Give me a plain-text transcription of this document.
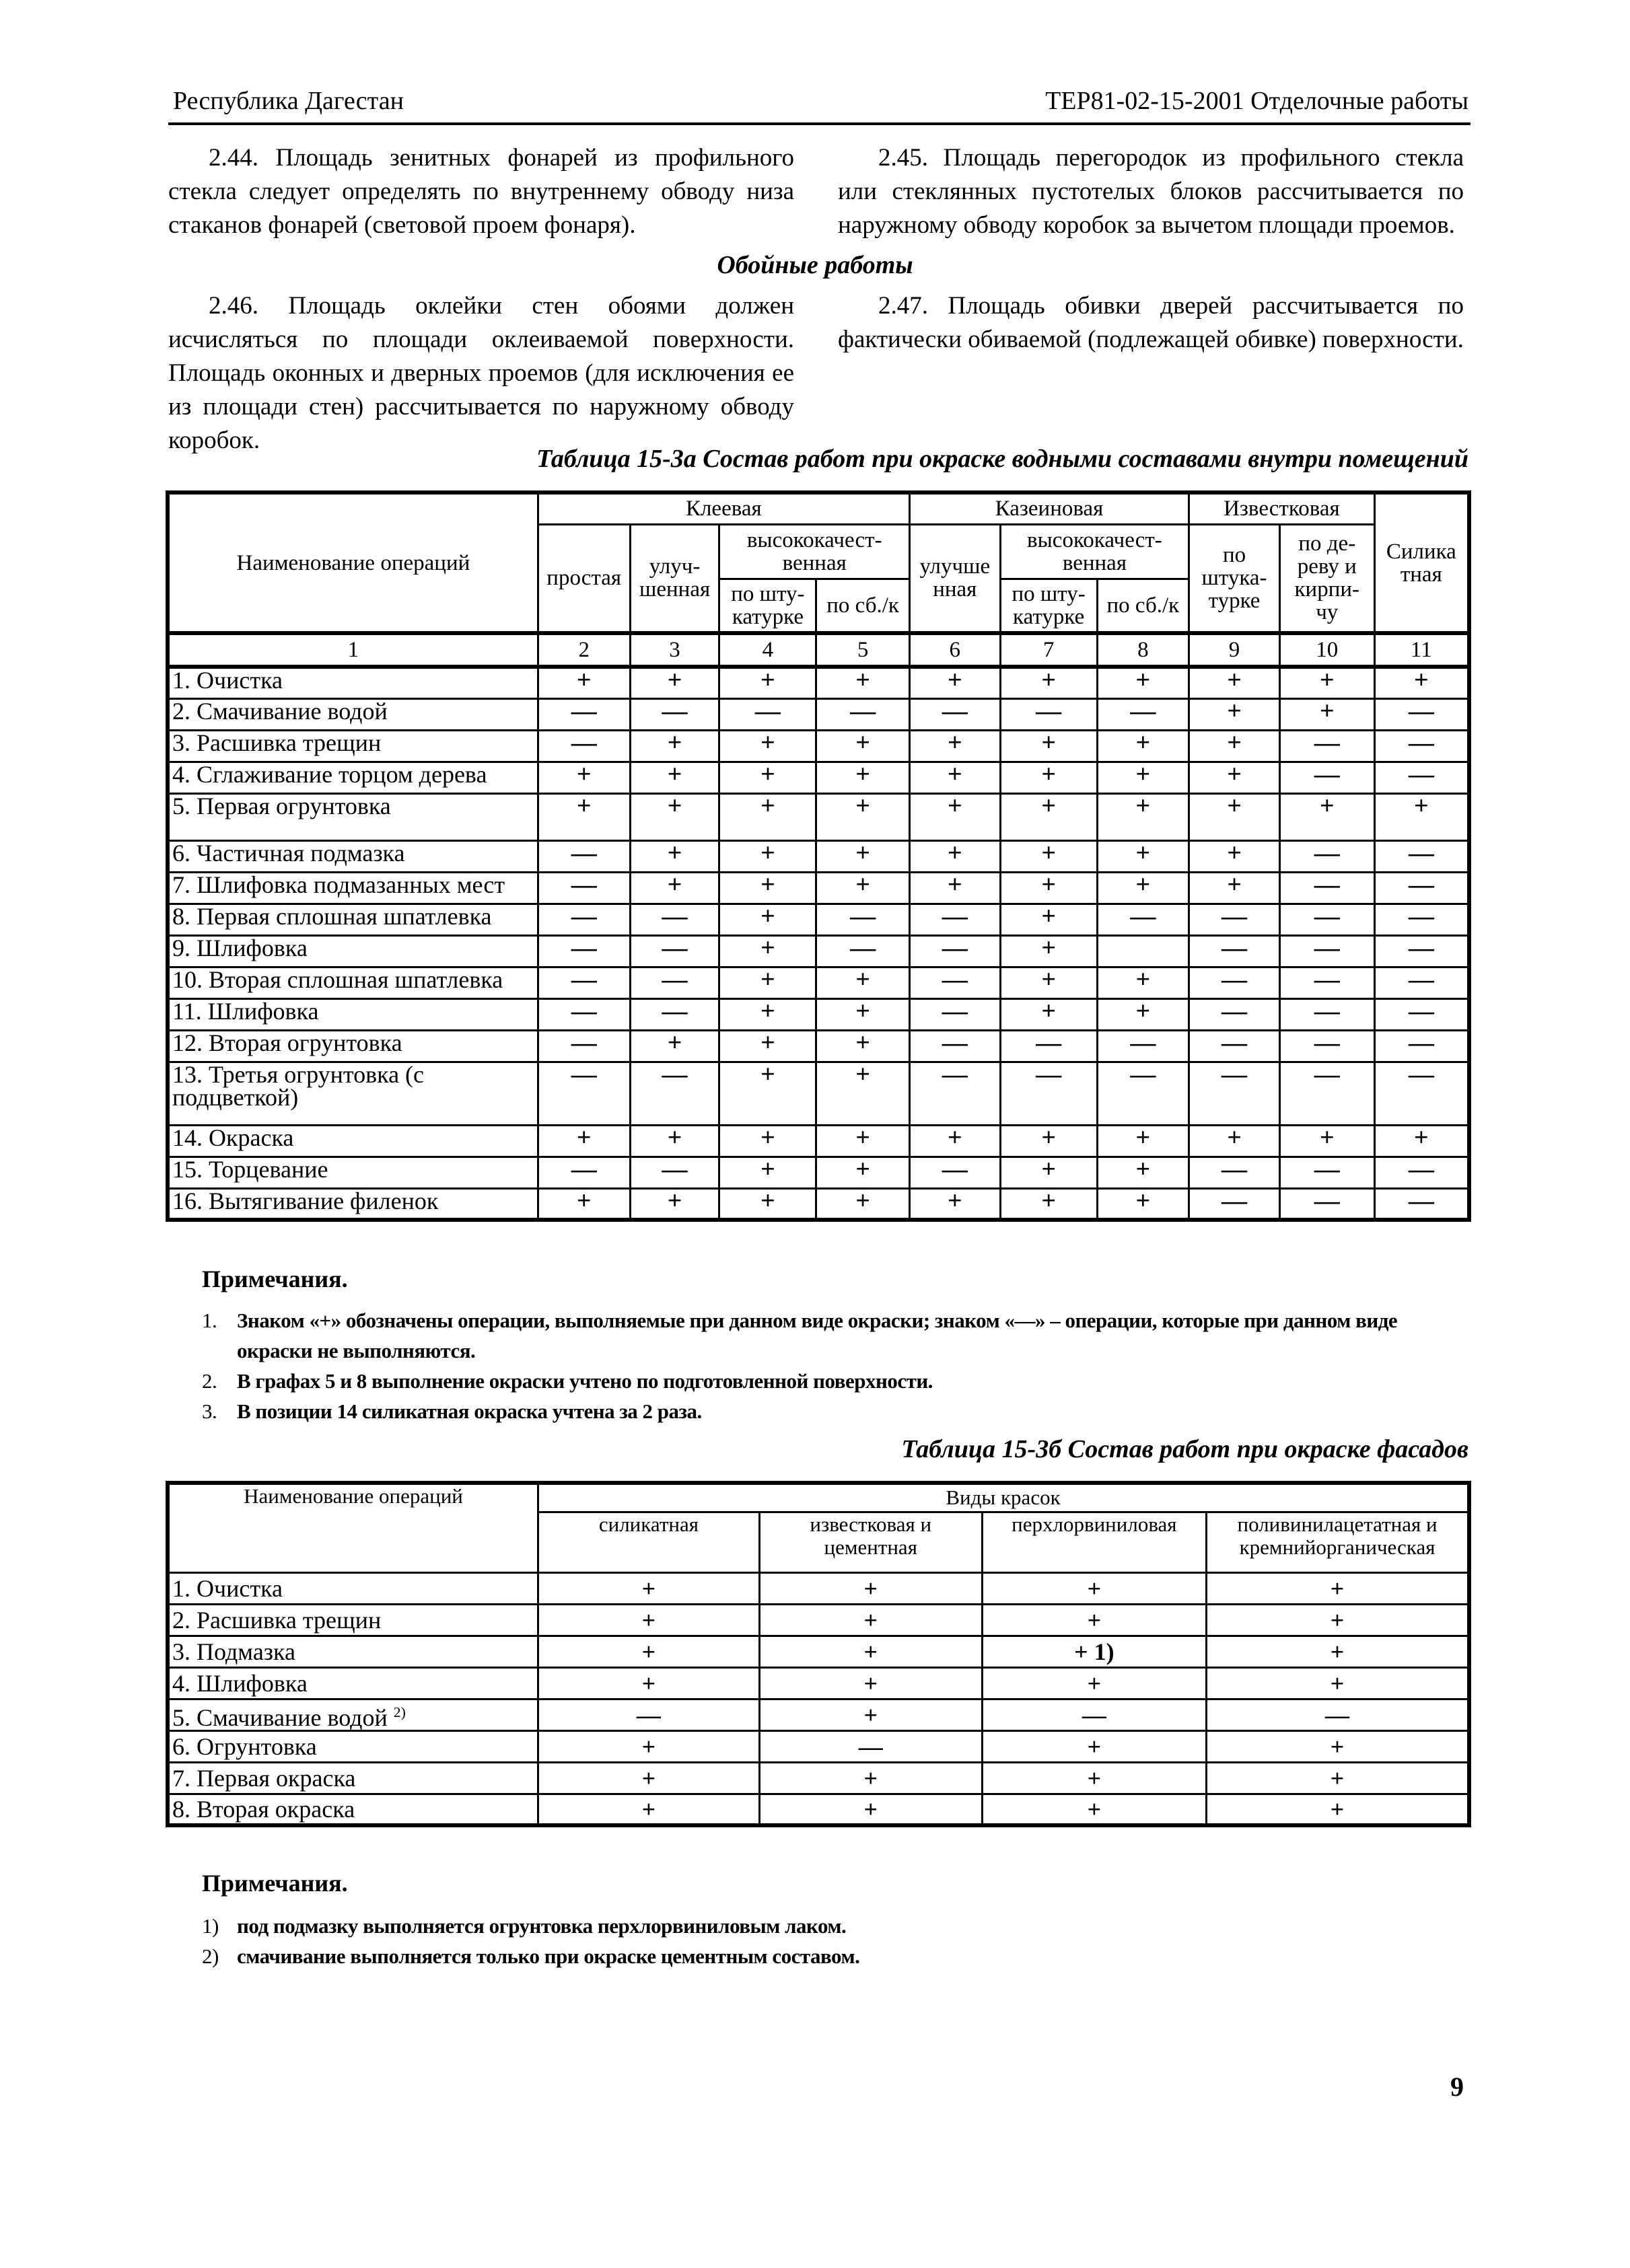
Республика Дагестан	ТЕР81-02-15-2001 Отделочные работы

2.44. Площадь зенитных фонарей из профильного стекла следует определять по внутреннему обводу низа стаканов фонарей (световой проем фонаря).

2.45. Площадь перегородок из профильного стекла или стеклянных пустотелых блоков рассчитывается по наружному обводу коробок за вычетом площади проемов.

Обойные работы

2.46. Площадь оклейки стен обоями должен исчисляться по площади оклеиваемой поверхности. Площадь оконных и дверных проемов (для исключения ее из площади стен) рассчитывается по наружному обводу коробок.

2.47. Площадь обивки дверей рассчитывается по фактически обиваемой (подлежащей обивке) поверхности.

Таблица 15-3а Состав работ при окраске водными составами внутри помещений
Наименование операций	Клеевая				Казеиновая			Известковая		Силика тная
	простая	улуч- шенная	высококачест- венная		улучше нная	высококачест- венная		по штука- турке	по де- реву и кирпи- чу	
			по шту- катурке	по сб./к		по шту- катурке	по сб./к			
1	2	3	4	5	6	7	8	9	10	11
1. Очистка	+	+	+	+	+	+	+	+	+	+
2. Смачивание водой	—	—	—	—	—	—	—	+	+	—
3. Расшивка трещин	—	+	+	+	+	+	+	+	—	—
4. Сглаживание торцом дерева	+	+	+	+	+	+	+	+	—	—
5. Первая огрунтовка	+	+	+	+	+	+	+	+	+	+
6. Частичная подмазка	—	+	+	+	+	+	+	+	—	—
7. Шлифовка подмазанных мест	—	+	+	+	+	+	+	+	—	—
8. Первая сплошная шпатлевка	—	—	+	—	—	+	—	—	—	—
9. Шлифовка	—	—	+	—	—	+		—	—	—
10. Вторая сплошная шпатлевка	—	—	+	+	—	+	+	—	—	—
11. Шлифовка	—	—	+	+	—	+	+	—	—	—
12. Вторая огрунтовка	—	+	+	+	—	—	—	—	—	—
13. Третья огрунтовка (с подцветкой)	—	—	+	+	—	—	—	—	—	—
14. Окраска	+	+	+	+	+	+	+	+	+	+
15. Торцевание	—	—	+	+	—	+	+	—	—	—
16. Вытягивание филенок	+	+	+	+	+	+	+	—	—	—
Примечания.
1. Знаком «+» обозначены операции, выполняемые при данном виде окраски; знаком «—» – операции, которые при данном виде окраски не выполняются.
2. В графах 5 и 8 выполнение окраски учтено по подготовленной поверхности.
3. В позиции 14 силикатная окраска учтена за 2 раза.
Таблица 15-3б Состав работ при окраске фасадов
Наименование операций	Виды красок			
	силикатная	известковая и цементная	перхлорвиниловая	поливинилацетатная и кремнийорганическая
1. Очистка	+	+	+	+
2. Расшивка трещин	+	+	+	+
3. Подмазка	+	+	+ 1)	+
4. Шлифовка	+	+	+	+
5. Смачивание водой $^{2)}$	—	+	—	—
6. Огрунтовка	+	—	+	+
7. Первая окраска	+	+	+	+
8. Вторая окраска	+	+	+	+
Примечания.
1) под подмазку выполняется огрунтовка перхлорвиниловым лаком.
2) смачивание выполняется только при окраске цементным составом.
9
